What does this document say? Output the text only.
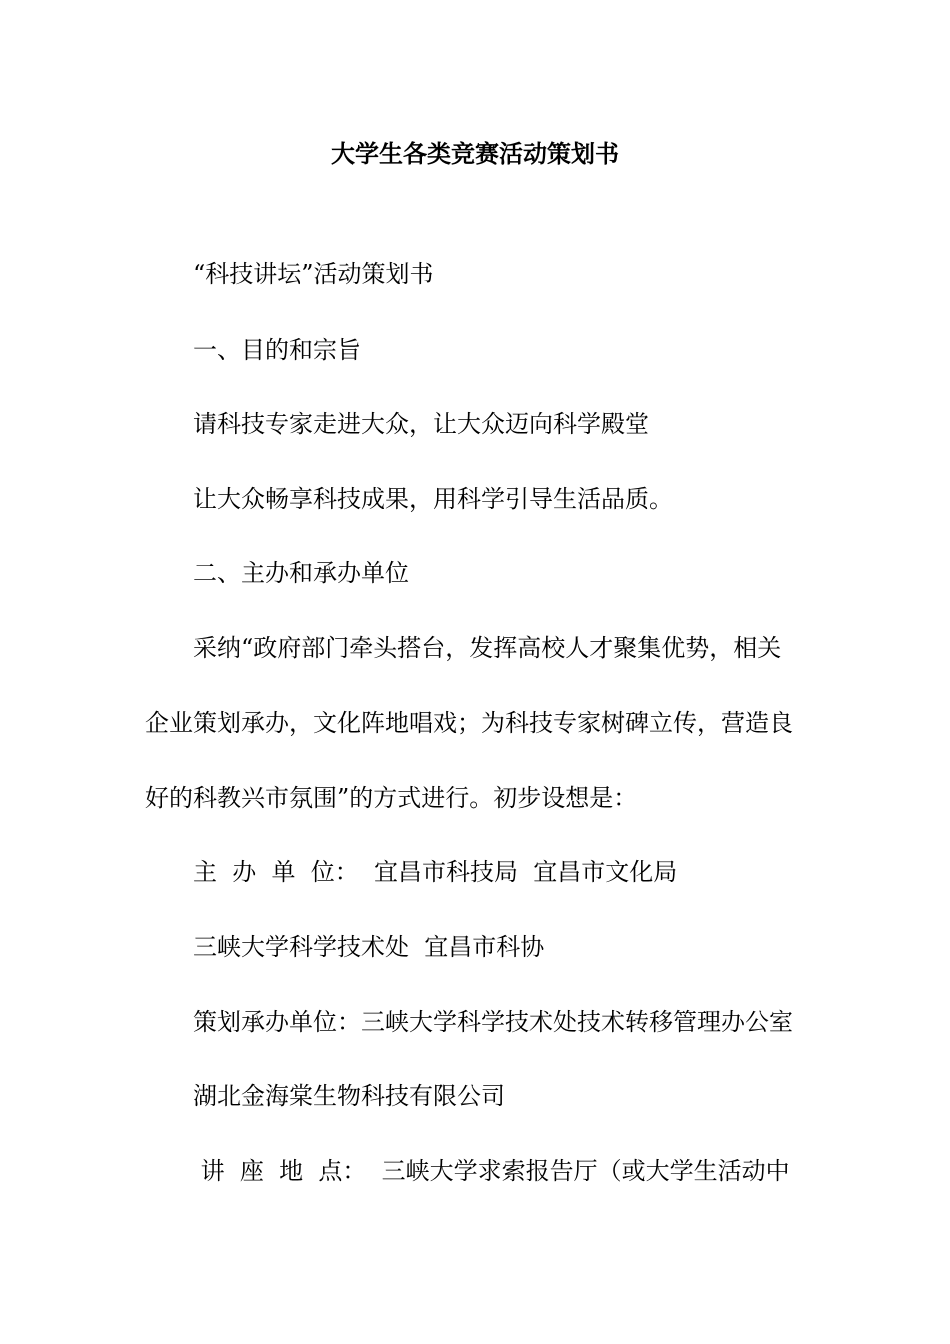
大学生各类竞赛活动策划书
“科技讲坛”活动策划书
一、目的和宗旨
请科技专家走进大众，让大众迈向科学殿堂
让大众畅享科技成果，用科学引导生活品质。
二、主办和承办单位
采纳“政府部门牵头搭台，发挥高校人才聚集优势，相关
企业策划承办，文化阵地唱戏；为科技专家树碑立传，营造良
好的科教兴市氛围”的方式进行。初步设想是：
主  办  单  位：  宜昌市科技局  宜昌市文化局
三峡大学科学技术处  宜昌市科协
策划承办单位：三峡大学科学技术处技术转移管理办公室
湖北金海棠生物科技有限公司
讲  座  地  点：  三峡大学求索报告厅（或大学生活动中
